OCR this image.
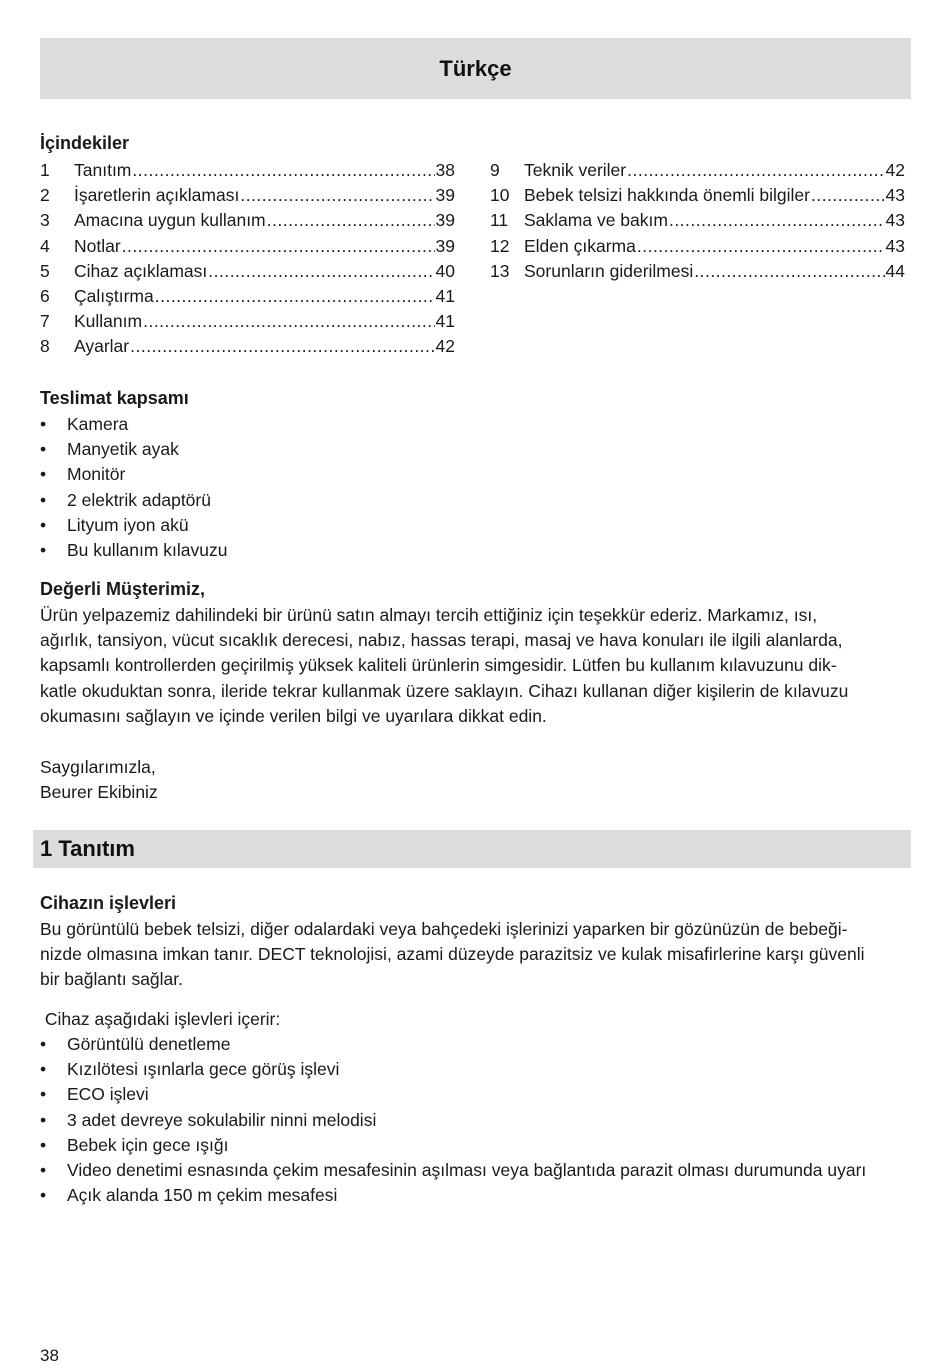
Türkçe
İçindekiler
1	Tanıtım .....	38
2	İşaretlerin açıklaması .....	39
3	Amacına uygun kullanım .....	39
4	Notlar .....	39
5	Cihaz açıklaması .....	40
6	Çalıştırma .....	41
7	Kullanım .....	41
8	Ayarlar .....	42
9	Teknik veriler .....	42
10 Bebek telsizi hakkında önemli bilgiler .....	43
11 Saklama ve bakım .....	43
12 Elden çıkarma .....	43
13 Sorunların giderilmesi .....	44
Teslimat kapsamı
•	Kamera
•	Manyetik ayak
•	Monitör
•	2 elektrik adaptörü
•	Lityum iyon akü
•	Bu kullanım kılavuzu
Değerli Müşterimiz,

Ürün yelpazemiz dahilindeki bir ürünü satın almayı tercih ettiğiniz için teşekkür ederiz. Markamız, ısı,
ağırlık, tansiyon, vücut sıcaklık derecesi, nabız, hassas terapi, masaj ve hava konuları ile ilgili alanlarda,
kapsamlı kontrollerden geçirilmiş yüksek kaliteli ürünlerin simgesidir. Lütfen bu kullanım kılavuzunu dik-
katle okuduktan sonra, ileride tekrar kullanmak üzere saklayın. Cihazı kullanan diğer kişilerin de kılavuzu
okumasını sağlayın ve içinde verilen bilgi ve uyarılara dikkat edin.

Saygılarımızla,
Beurer Ekibiniz

1 Tanıtım
Cihazın işlevleri

Bu görüntülü bebek telsizi, diğer odalardaki veya bahçedeki işlerinizi yaparken bir gözünüzün de bebeği-
nizde olmasına imkan tanır. DECT teknolojisi, azami düzeyde parazitsiz ve kulak misafirlerine karşı güvenli
bir bağlantı sağlar.

Cihaz aşağıdaki işlevleri içerir:

•	Görüntülü denetleme
•	Kızılötesi ışınlarla gece görüş işlevi
•	ECO işlevi
•	3 adet devreye sokulabilir ninni melodisi
•	Bebek için gece ışığı
•	Video denetimi esnasında çekim mesafesinin aşılması veya bağlantıda parazit olması durumunda uyarı
•	Açık alanda 150 m çekim mesafesi
38
